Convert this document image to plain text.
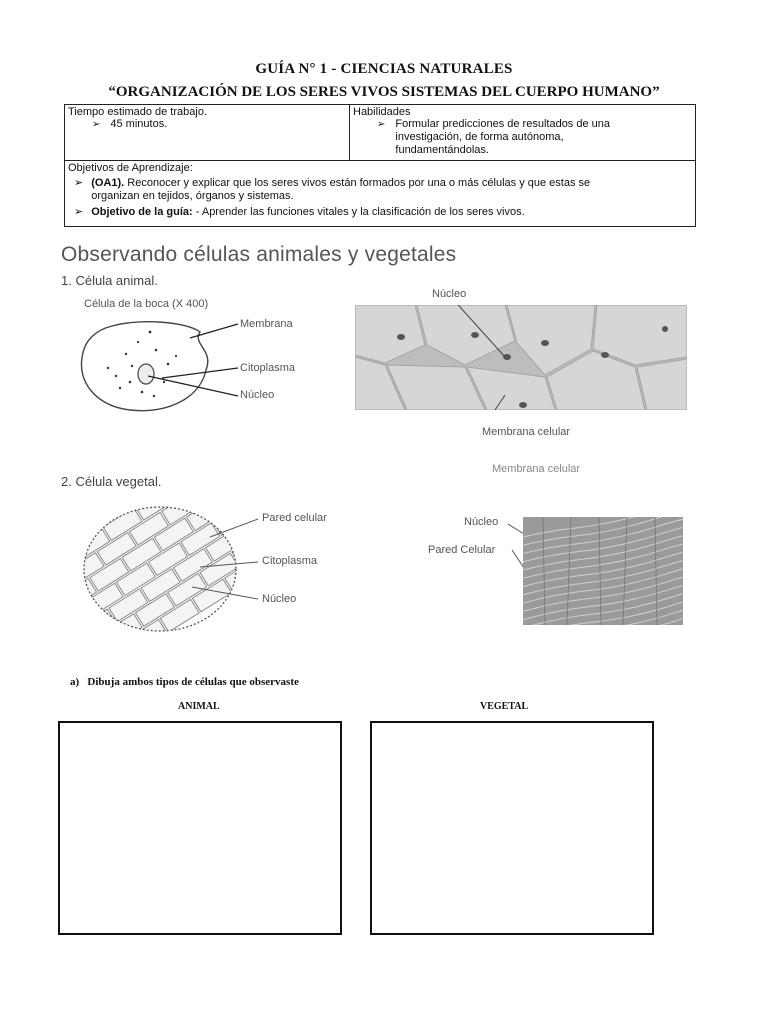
GUÍA N° 1 - CIENCIAS NATURALES
“ORGANIZACIÓN DE LOS SERES VIVOS SISTEMAS DEL CUERPO HUMANO”
Tiempo estimado de trabajo.
➢ 45 minutos.

Habilidades
➢ Formular predicciones de resultados de una
investigación, de forma autónoma,
fundamentándolas.

Objetivos de Aprendizaje:
➢ (OA1). Reconocer y explicar que los seres vivos están formados por una o más células y que estas se
organizan en tejidos, órganos y sistemas.
➢ Objetivo de la guía: - Aprender las funciones vitales y la clasificación de los seres vivos.
Observando células animales y vegetales
1. Célula animal.
Célula de la boca (X 400)
Membrana
Citoplasma
Núcleo
Núcleo
Membrana celular
Membrana celular
2. Célula vegetal.
Pared celular
Citoplasma
Núcleo
Núcleo
Pared Celular
a) Dibuja ambos tipos de células que observaste
ANIMAL	VEGETAL
